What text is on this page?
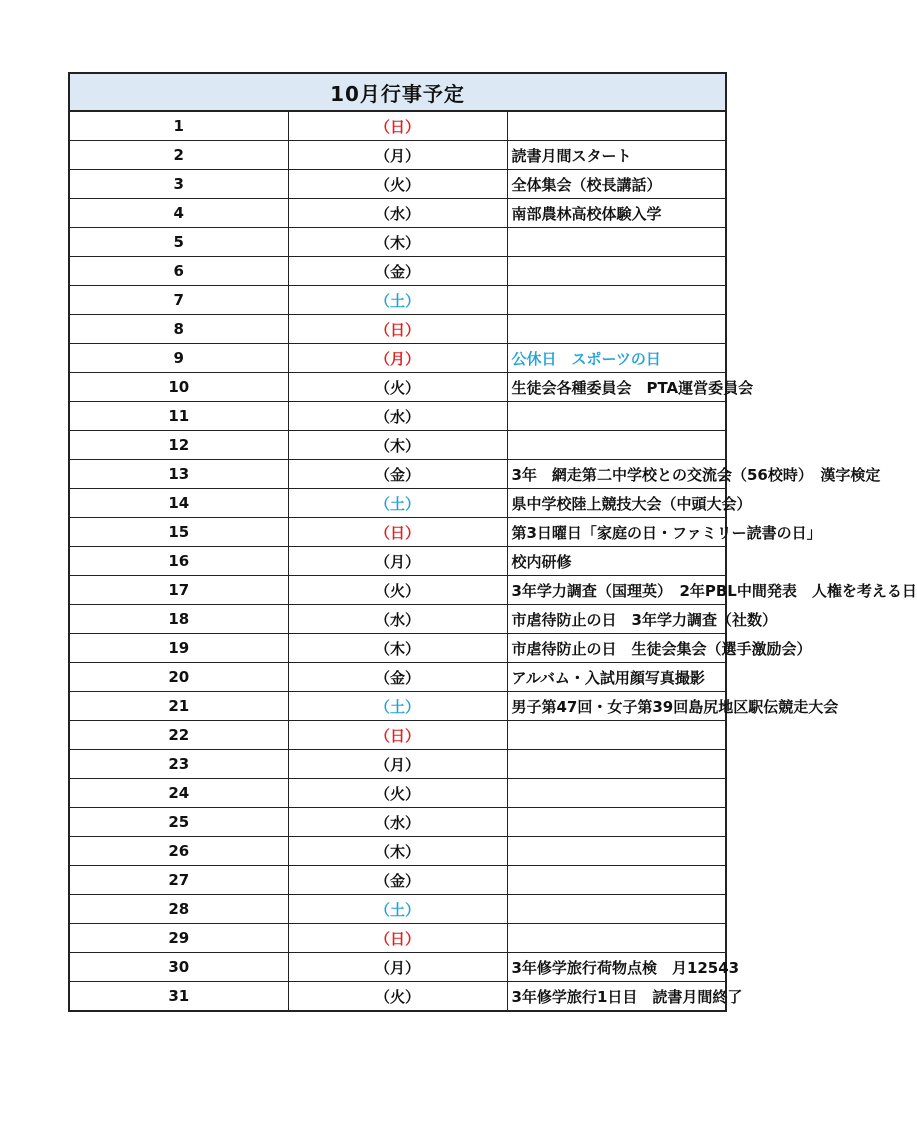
10月行事予定		
1	（日）	
2	（月）	読書月間スタート
3	（火）	全体集会（校長講話）
4	（水）	南部農林高校体験入学
5	（木）	
6	（金）	
7	（土）	
8	（日）	
9	（月）	公休日　スポーツの日
10	（火）	生徒会各種委員会　PTA運営委員会
11	（水）	
12	（木）	
13	（金）	3年　網走第二中学校との交流会（56校時）　漢字検定
14	（土）	県中学校陸上競技大会（中頭大会）
15	（日）	第3日曜日「家庭の日・ファミリー読書の日」
16	（月）	校内研修
17	（火）	3年学力調査（国理英）　2年PBL中間発表　人権を考える日
18	（水）	市虐待防止の日　3年学力調査（社数）
19	（木）	市虐待防止の日　生徒会集会（選手激励会）
20	（金）	アルバム・入試用顔写真撮影
21	（土）	男子第47回・女子第39回島尻地区駅伝競走大会
22	（日）	
23	（月）	
24	（火）	
25	（水）	
26	（木）	
27	（金）	
28	（土）	
29	（日）	
30	（月）	3年修学旅行荷物点検　月12543
31	（火）	3年修学旅行1日目　読書月間終了
